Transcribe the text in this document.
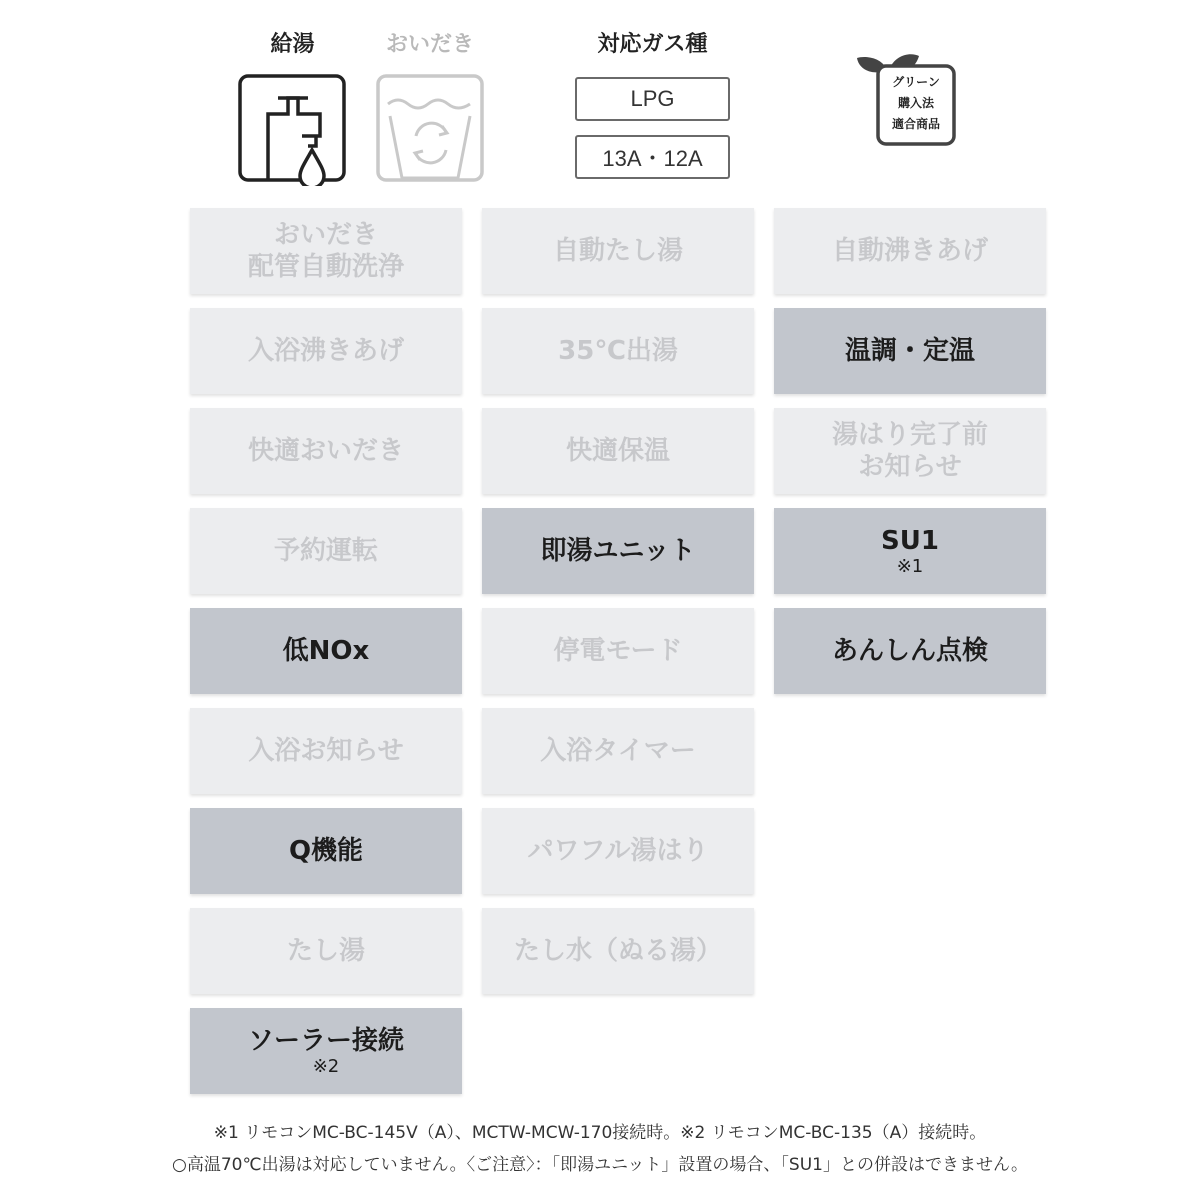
給湯	おいだき	対応ガス種
LPG
13A・12A
グリーン
購入法
適合商品
おいだき
配管自動洗浄
入浴沸きあげ
快適おいだき
予約運転
低NOx
入浴お知らせ
Q機能
たし湯
ソーラー接続
※2
自動たし湯
35℃出湯
快適保温
即湯ユニット
停電モード
入浴タイマー
パワフル湯はり
たし水（ぬる湯）
自動沸きあげ
温調・定温
湯はり完了前
お知らせ
SU1
※1
あんしん点検
※1 リモコンMC-BC-145V（A）、MCTW-MCW-170接続時。※2 リモコンMC-BC-135（A）接続時。
○高温70℃出湯は対応していません。〈ご注意〉：「即湯ユニット」設置の場合、「SU1」との併設はできません。
